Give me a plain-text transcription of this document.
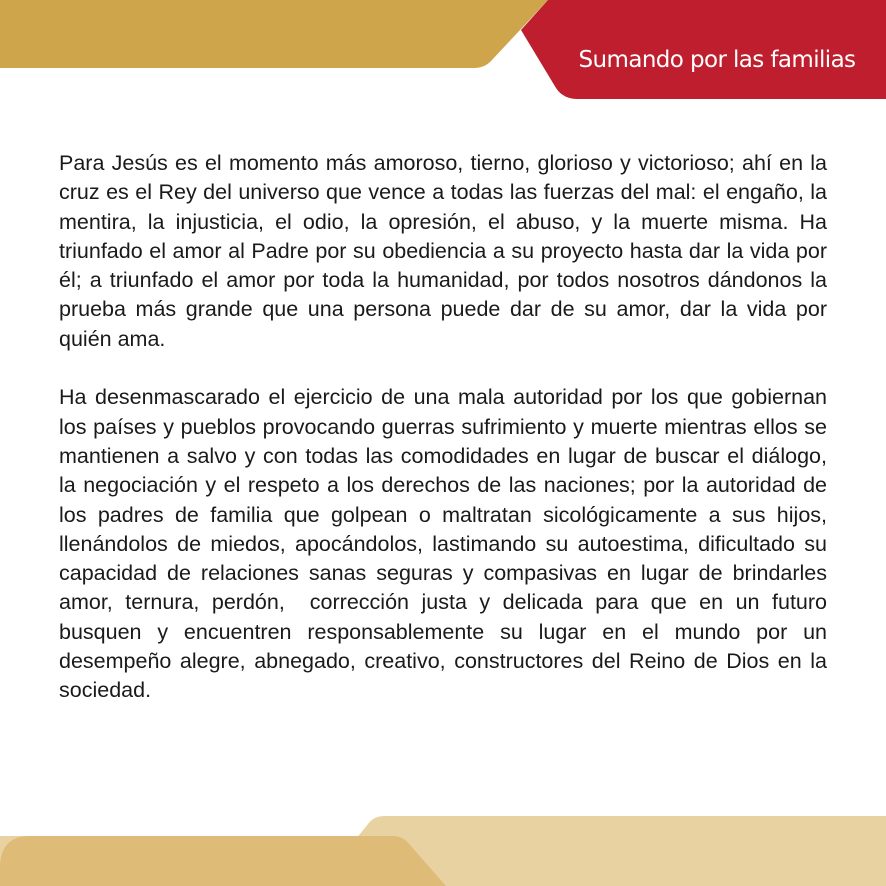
Sumando por las familias

Para Jesús es el momento más amoroso, tierno, glorioso y victorioso; ahí en la cruz es el Rey del universo que vence a todas las fuerzas del mal: el engaño, la mentira, la injusticia, el odio, la opresión, el abuso, y la muerte misma. Ha triunfado el amor al Padre por su obediencia a su proyecto hasta dar la vida por él; a triunfado el amor por toda la humanidad, por todos nosotros dándonos la prueba más grande que una persona puede dar de su amor, dar la vida por quién ama.

Ha desenmascarado el ejercicio de una mala autoridad por los que gobiernan los países y pueblos provocando guerras sufrimiento y muerte mientras ellos se mantienen a salvo y con todas las comodidades en lugar de buscar el diálogo, la negociación y el respeto a los derechos de las naciones; por la autoridad de los padres de familia que golpean o maltratan sicológicamente a sus hijos, llenándolos de miedos, apocándolos, lastimando su autoestima, dificultado su capacidad de relaciones sanas seguras y compasivas en lugar de brindarles amor, ternura, perdón,  corrección justa y delicada para que en un futuro busquen y encuentren responsablemente su lugar en el mundo por un desempeño alegre, abnegado, creativo, constructores del Reino de Dios en la sociedad.
